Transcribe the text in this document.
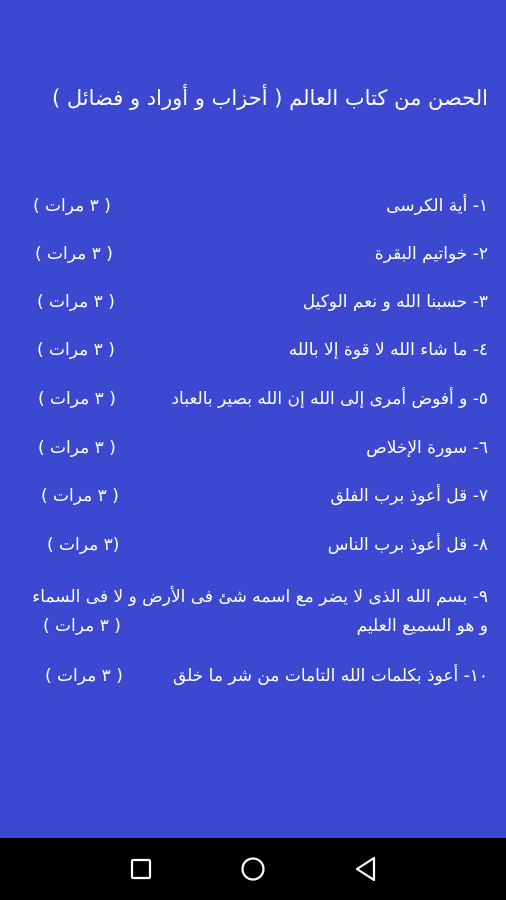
الحصن من كتاب العالم ( أحزاب و أوراد و فضائل )
١- أية الكرسى
( ٣ مرات )
٢- خواتيم البقرة
( ٣ مرات )
٣- حسبنا الله و نعم الوكيل
( ٣ مرات )
٤- ما شاء الله لا قوة إلا بالله
( ٣ مرات )
٥- و أفوض أمرى إلى الله إن الله بصير بالعباد
( ٣ مرات )
٦- سورة الإخلاص
( ٣ مرات )
٧- قل أعوذ برب الفلق
( ٣ مرات )
٨- قل أعوذ برب الناس
(٣ مرات )
٩- بسم الله الذى لا يضر مع اسمه شئ فى الأرض و لا فى السماء و هو السميع العليم
( ٣ مرات )
١٠- أعوذ بكلمات الله التامات من شر ما خلق
( ٣ مرات )
